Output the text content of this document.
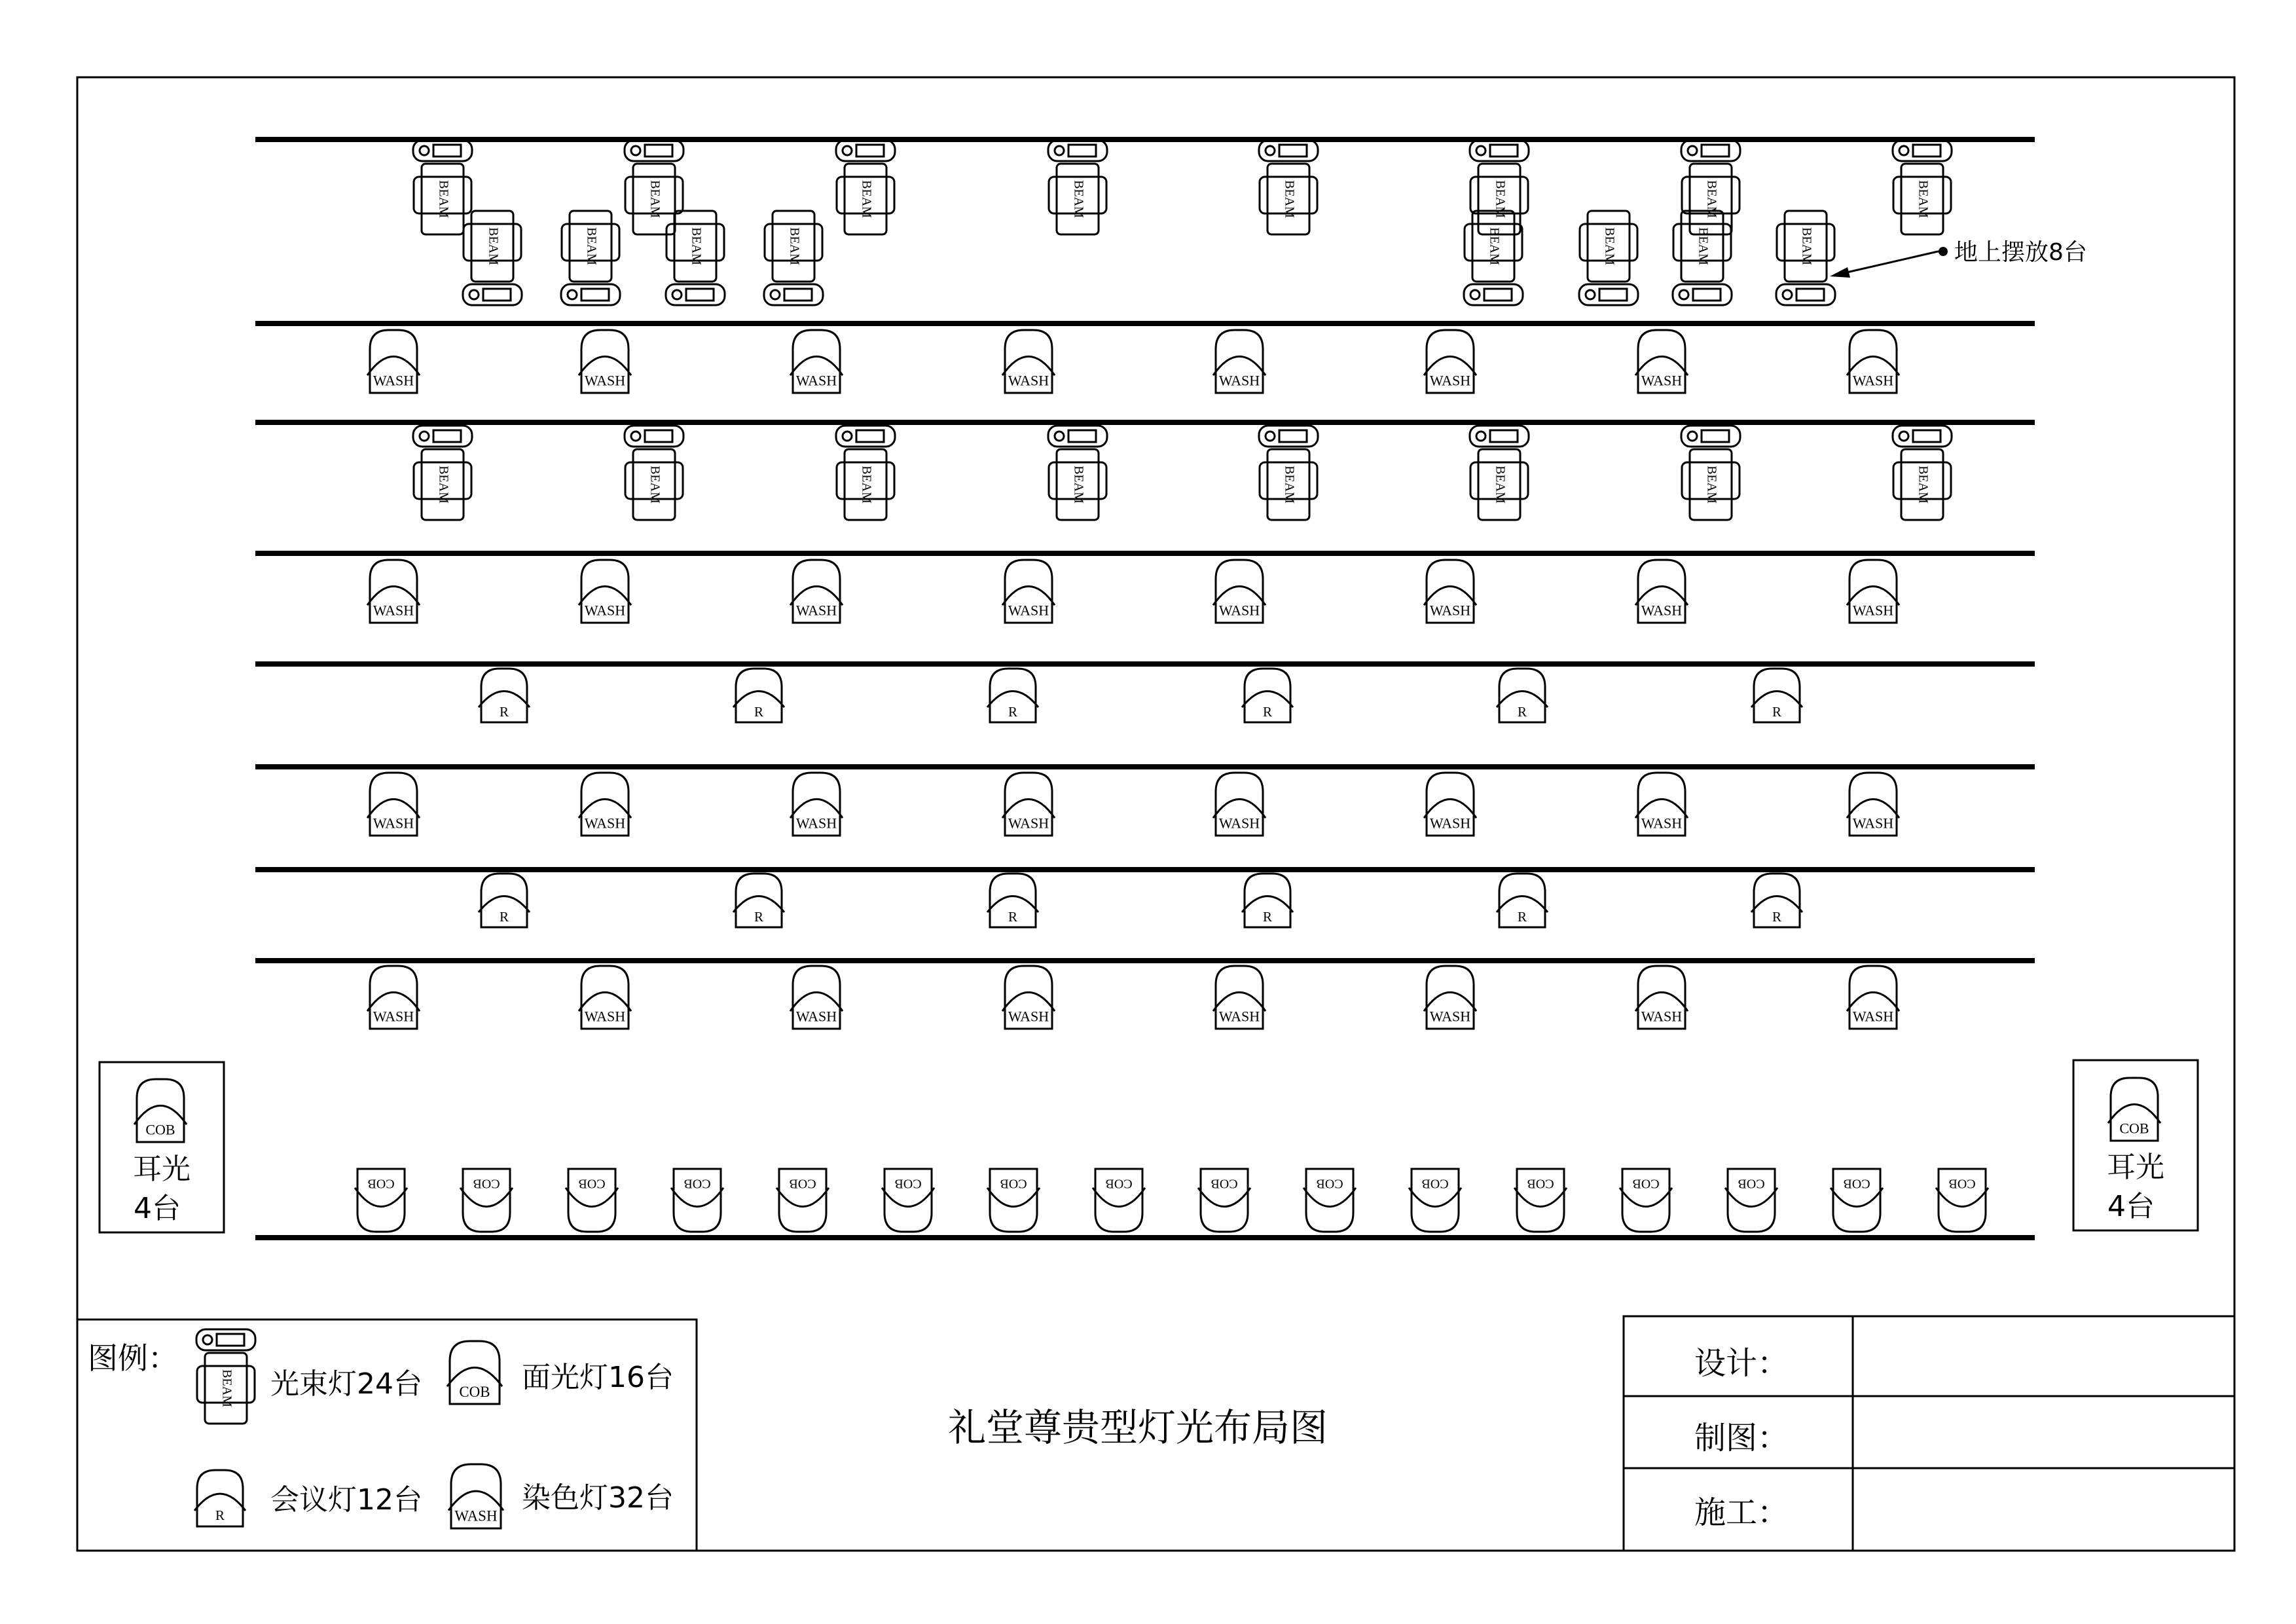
BEAM	BEAM	BEAM	BEAM	BEAM	BEAM	BEAM	BEAM
BEAM	BEAM	BEAM	BEAM	BEAM	BEAM	BEAM	BEAM
WASH	WASH	WASH	WASH	WASH	WASH	WASH	WASH
BEAM	BEAM	BEAM	BEAM	BEAM	BEAM	BEAM	BEAM
WASH	WASH	WASH	WASH	WASH	WASH	WASH	WASH
R	R	R	R	R	R
WASH	WASH	WASH	WASH	WASH	WASH	WASH	WASH
R	R	R	R	R	R
WASH	WASH	WASH	WASH	WASH	WASH	WASH	WASH
COB	COB	COB	COB	COB	COB	COB	COB	COB	COB	COB	COB	COB	COB	COB	COB
地上摆放8台
COB
耳光
4台
COB
耳光
4台
图例：
BEAM	COB
R	WASH
光束灯24台	面光灯16台
会议灯12台	染色灯32台
礼堂尊贵型灯光布局图
设计：
制图：
施工：
